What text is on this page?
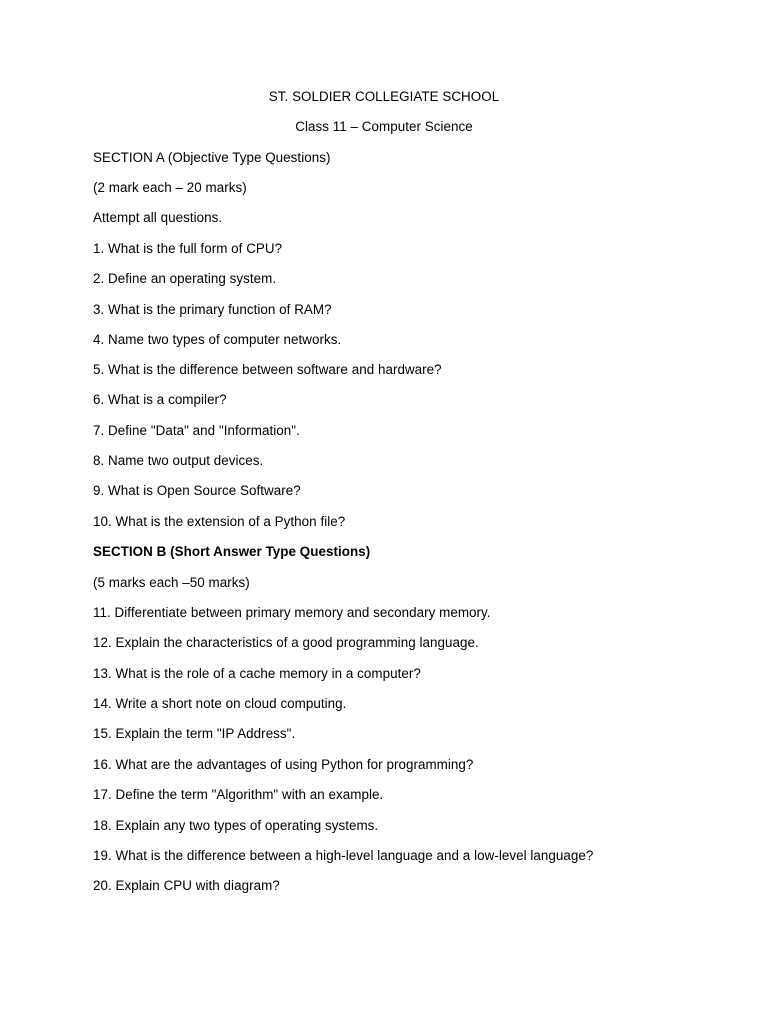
ST. SOLDIER COLLEGIATE SCHOOL
Class 11 – Computer Science
SECTION A (Objective Type Questions)
(2 mark each – 20 marks)
Attempt all questions.
1. What is the full form of CPU?
2. Define an operating system.
3. What is the primary function of RAM?
4. Name two types of computer networks.
5. What is the difference between software and hardware?
6. What is a compiler?
7. Define "Data" and "Information".
8. Name two output devices.
9. What is Open Source Software?
10. What is the extension of a Python file?
SECTION B (Short Answer Type Questions)
(5 marks each –50 marks)
11. Differentiate between primary memory and secondary memory.
12. Explain the characteristics of a good programming language.
13. What is the role of a cache memory in a computer?
14. Write a short note on cloud computing.
15. Explain the term "IP Address".
16. What are the advantages of using Python for programming?
17. Define the term "Algorithm" with an example.
18. Explain any two types of operating systems.
19. What is the difference between a high-level language and a low-level language?
20. Explain CPU with diagram?
